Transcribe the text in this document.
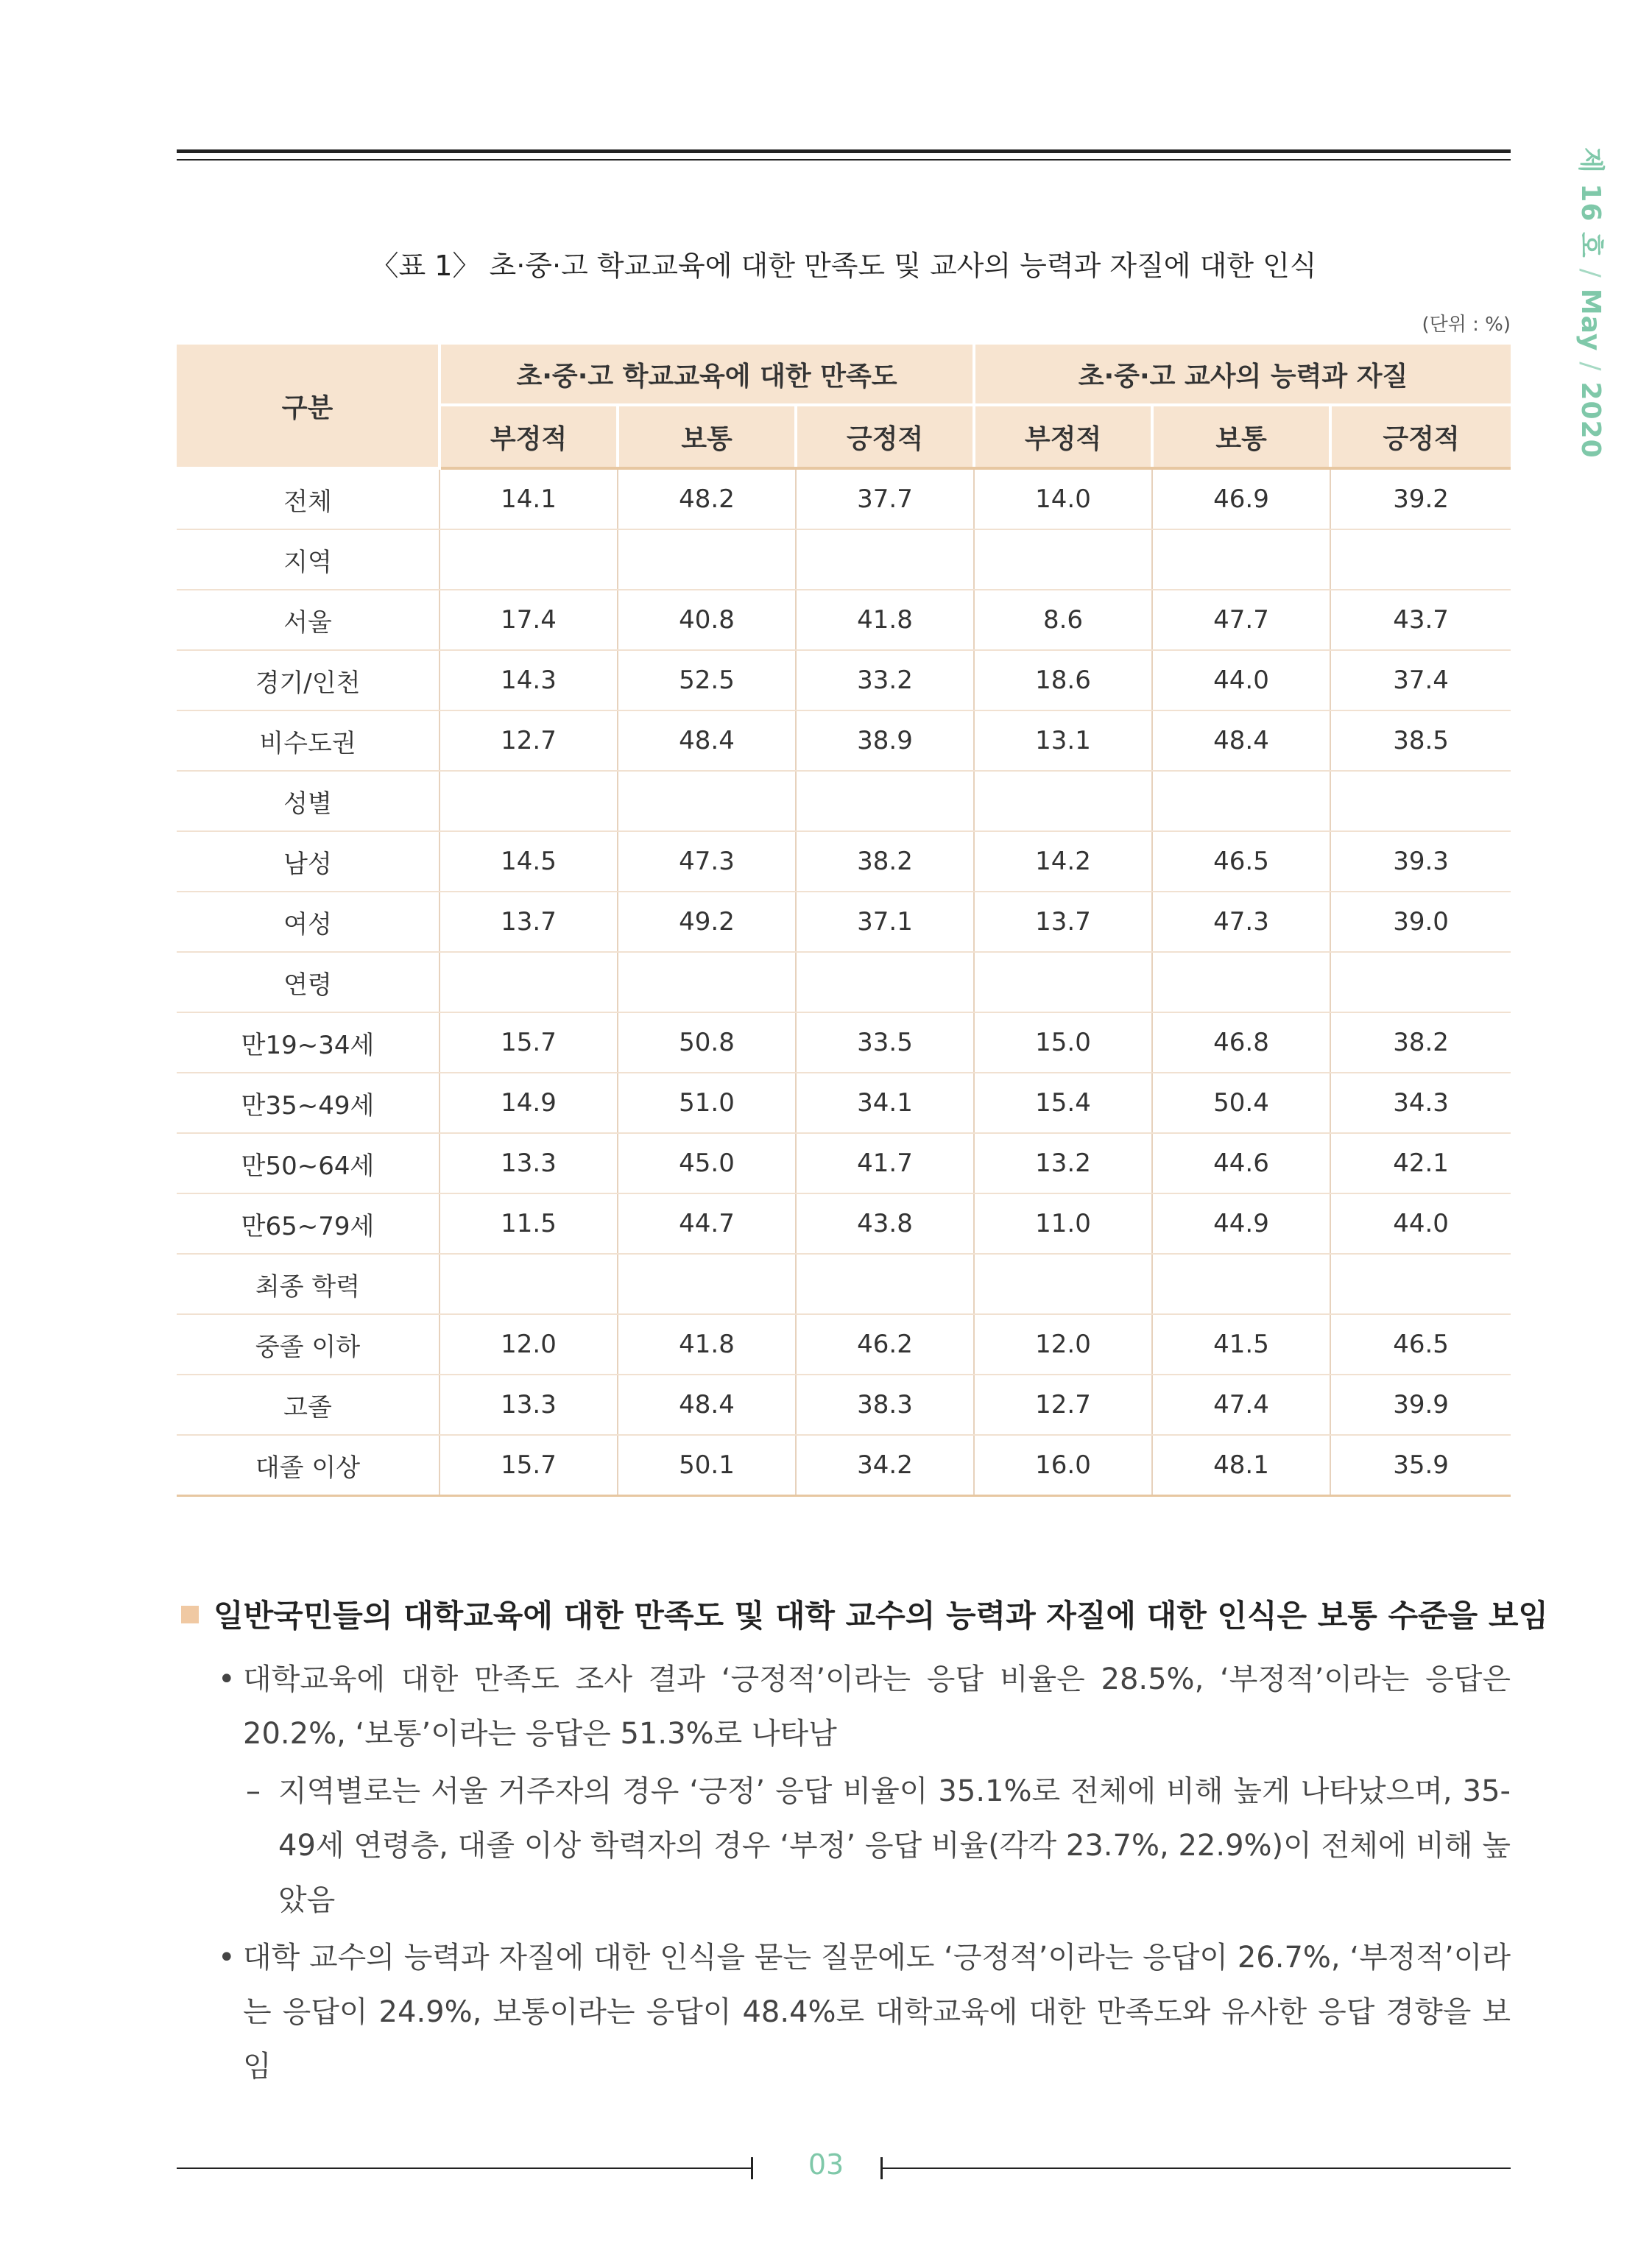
제 16 호/May/2020
〈표 1〉 초·중·고 학교교육에 대한 만족도 및 교사의 능력과 자질에 대한 인식
(단위 : %)
구분	초·중·고 학교교육에 대한 만족도			초·중·고 교사의 능력과 자질		
	부정적	보통	긍정적	부정적	보통	긍정적
전체	14.1	48.2	37.7	14.0	46.9	39.2
지역						
서울	17.4	40.8	41.8	8.6	47.7	43.7
경기/인천	14.3	52.5	33.2	18.6	44.0	37.4
비수도권	12.7	48.4	38.9	13.1	48.4	38.5
성별						
남성	14.5	47.3	38.2	14.2	46.5	39.3
여성	13.7	49.2	37.1	13.7	47.3	39.0
연령						
만19~34세	15.7	50.8	33.5	15.0	46.8	38.2
만35~49세	14.9	51.0	34.1	15.4	50.4	34.3
만50~64세	13.3	45.0	41.7	13.2	44.6	42.1
만65~79세	11.5	44.7	43.8	11.0	44.9	44.0
최종 학력						
중졸 이하	12.0	41.8	46.2	12.0	41.5	46.5
고졸	13.3	48.4	38.3	12.7	47.4	39.9
대졸 이상	15.7	50.1	34.2	16.0	48.1	35.9
일반국민들의 대학교육에 대한 만족도 및 대학 교수의 능력과 자질에 대한 인식은 보통 수준을 보임
• 대학교육에 대한 만족도 조사 결과 ‘긍정적’이라는 응답 비율은 28.5%, ‘부정적’이라는 응답은 20.2%, ‘보통’이라는 응답은 51.3%로 나타남
– 지역별로는 서울 거주자의 경우 ‘긍정’ 응답 비율이 35.1%로 전체에 비해 높게 나타났으며, 35-49세 연령층, 대졸 이상 학력자의 경우 ‘부정’ 응답 비율(각각 23.7%, 22.9%)이 전체에 비해 높았음
• 대학 교수의 능력과 자질에 대한 인식을 묻는 질문에도 ‘긍정적’이라는 응답이 26.7%, ‘부정적’이라는 응답이 24.9%, 보통이라는 응답이 48.4%로 대학교육에 대한 만족도와 유사한 응답 경향을 보임
03
